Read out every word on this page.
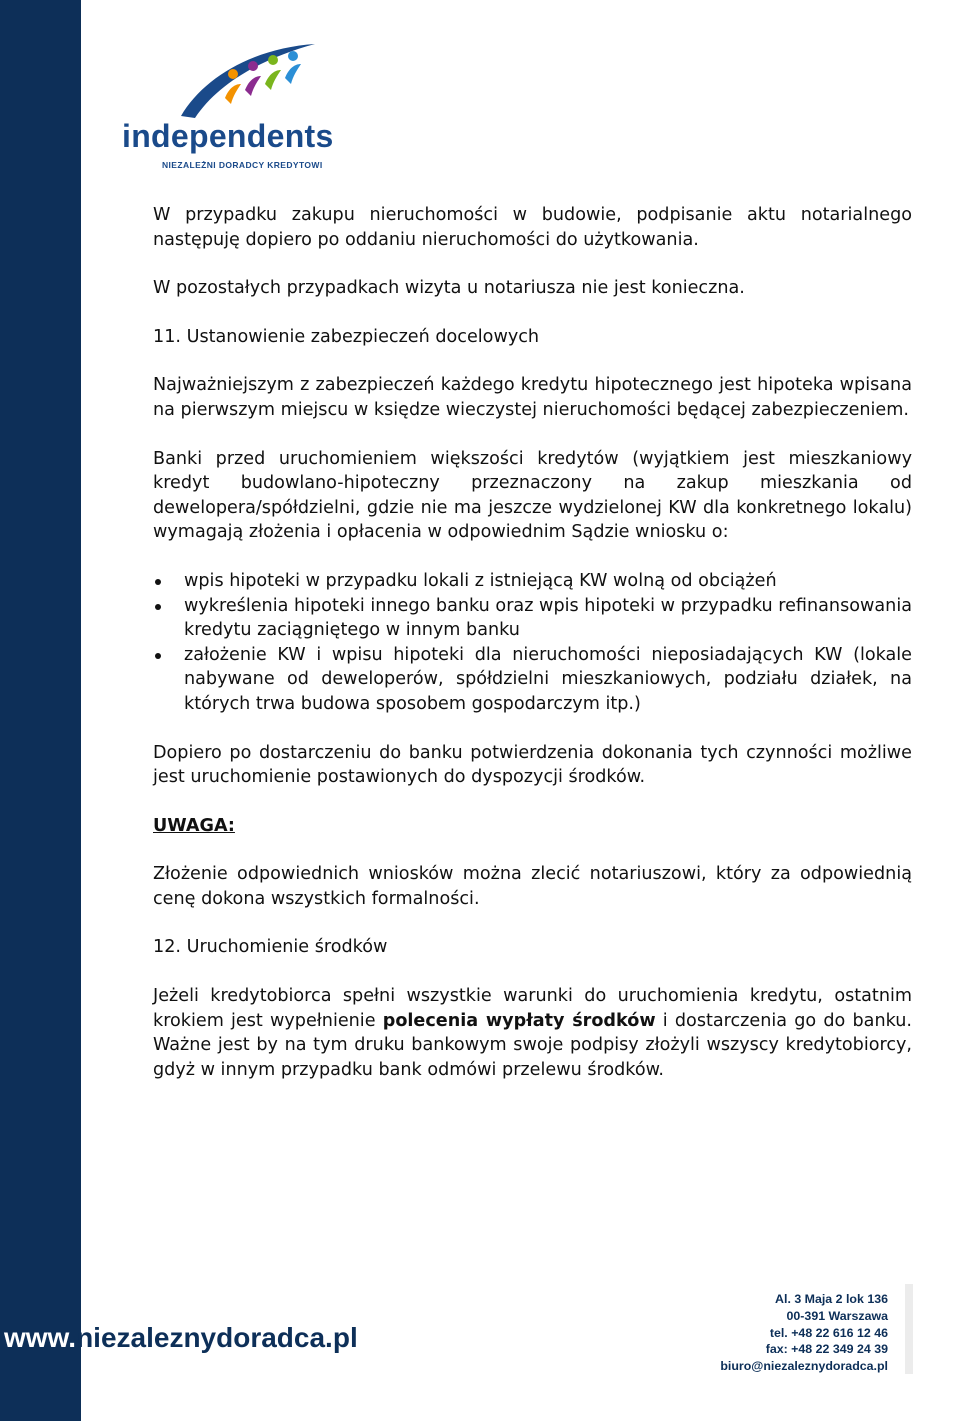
independents
NIEZALEŻNI DORADCY KREDYTOWI

W przypadku zakupu nieruchomości w budowie, podpisanie aktu notarialnego następuję dopiero po oddaniu nieruchomości do użytkowania.

W pozostałych przypadkach wizyta u notariusza nie jest konieczna.

11. Ustanowienie zabezpieczeń docelowych

Najważniejszym z zabezpieczeń każdego kredytu hipotecznego jest hipoteka wpisana na pierwszym miejscu w księdze wieczystej nieruchomości będącej zabezpieczeniem.

Banki przed uruchomieniem większości kredytów (wyjątkiem jest mieszkaniowy kredyt budowlano-hipoteczny przeznaczony na zakup mieszkania od dewelopera/spółdzielni, gdzie nie ma jeszcze wydzielonej KW dla konkretnego lokalu) wymagają złożenia i opłacenia w odpowiednim Sądzie wniosku o:

wpis hipoteki w przypadku lokali z istniejącą KW wolną od obciążeń
wykreślenia hipoteki innego banku oraz wpis hipoteki w przypadku refinansowania kredytu zaciągniętego w innym banku
założenie KW i wpisu hipoteki dla nieruchomości nieposiadających KW (lokale nabywane od deweloperów, spółdzielni mieszkaniowych, podziału działek, na których trwa budowa sposobem gospodarczym itp.)

Dopiero po dostarczeniu do banku potwierdzenia dokonania tych czynności możliwe jest uruchomienie postawionych do dyspozycji środków.

UWAGA:

Złożenie odpowiednich wniosków można zlecić notariuszowi, który za odpowiednią cenę dokona wszystkich formalności.

12. Uruchomienie środków

Jeżeli kredytobiorca spełni wszystkie warunki do uruchomienia kredytu, ostatnim krokiem jest wypełnienie polecenia wypłaty środków i dostarczenia go do banku. Ważne jest by na tym druku bankowym swoje podpisy złożyli wszyscy kredytobiorcy, gdyż w innym przypadku bank odmówi przelewu środków.

www.niezaleznydoradca.pl
Al. 3 Maja 2 lok 136
00-391 Warszawa
tel. +48 22 616 12 46
fax: +48 22 349 24 39
biuro@niezaleznydoradca.pl
